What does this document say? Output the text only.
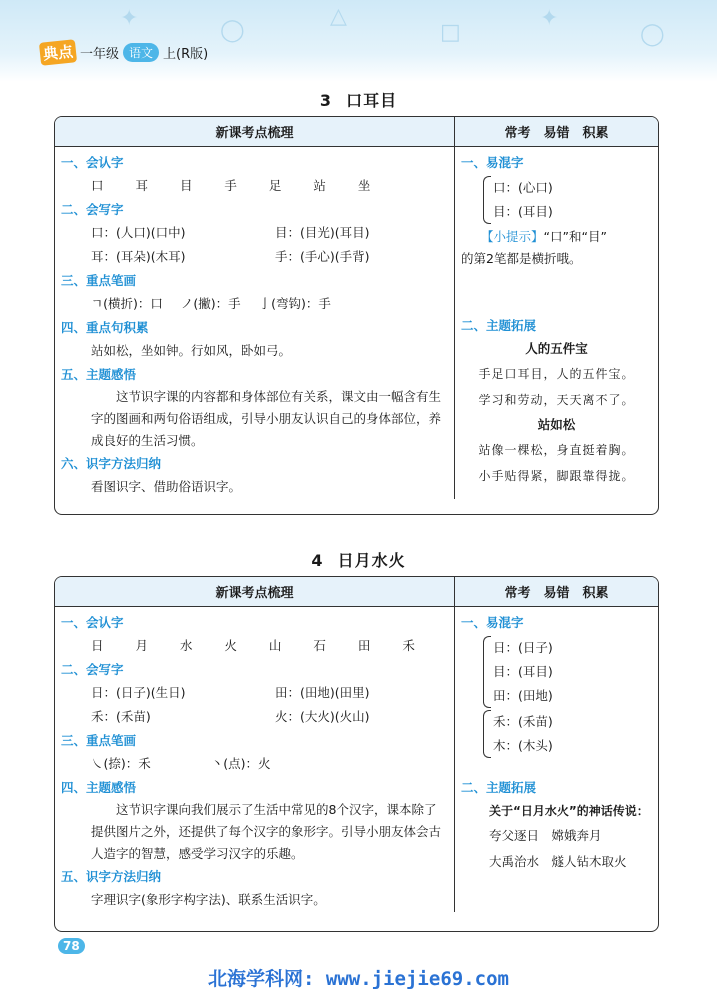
✦	◯
△
□
✦
◯
典点 一年级 语文 上(R版)
3 口耳目
新课考点梳理	常考　易错　积累
一、会认字
口 耳 目 手 足 站 坐
二、会写字
口：(人口)(口中)	目：(目光)(耳目)
耳：(耳朵)(木耳)	手：(手心)(手背)
三、重点笔画
ㄱ(横折)：口 ノ(撇)：手 亅(弯钩)：手
四、重点句积累
站如松，坐如钟。行如风，卧如弓。
五、主题感悟
这节识字课的内容都和身体部位有关系，课文由一幅含有生字的图画和两句俗语组成，引导小朋友认识自己的身体部位，养成良好的生活习惯。
六、识字方法归纳
看图识字、借助俗语识字。
一、易混字
口：(心口)
目：(耳目)
【小提示】“口”和“目”
的第2笔都是横折哦。
二、主题拓展
人的五件宝
手足口耳目，人的五件宝。
学习和劳动，天天离不了。
站如松
站像一棵松，身直挺着胸。
小手贴得紧，脚跟靠得拢。
4 日月水火
新课考点梳理	常考　易错　积累
一、会认字
日 月 水 火 山 石 田 禾
二、会写字
日：(日子)(生日)	田：(田地)(田里)
禾：(禾苗)	火：(大火)(火山)
三、重点笔画
㇏(捺)：禾	丶(点)：火
四、主题感悟
这节识字课向我们展示了生活中常见的8个汉字，课本除了提供图片之外，还提供了每个汉字的象形字。引导小朋友体会古人造字的智慧，感受学习汉字的乐趣。
五、识字方法归纳
字理识字(象形字构字法)、联系生活识字。
一、易混字
日：(日子)
目：(耳目)
田：(田地)
禾：(禾苗)
木：(木头)
二、主题拓展
关于“日月水火”的神话传说：
夸父逐日　嫦娥奔月
大禹治水　燧人钻木取火
78
北海学科网: www.jiejie69.com
